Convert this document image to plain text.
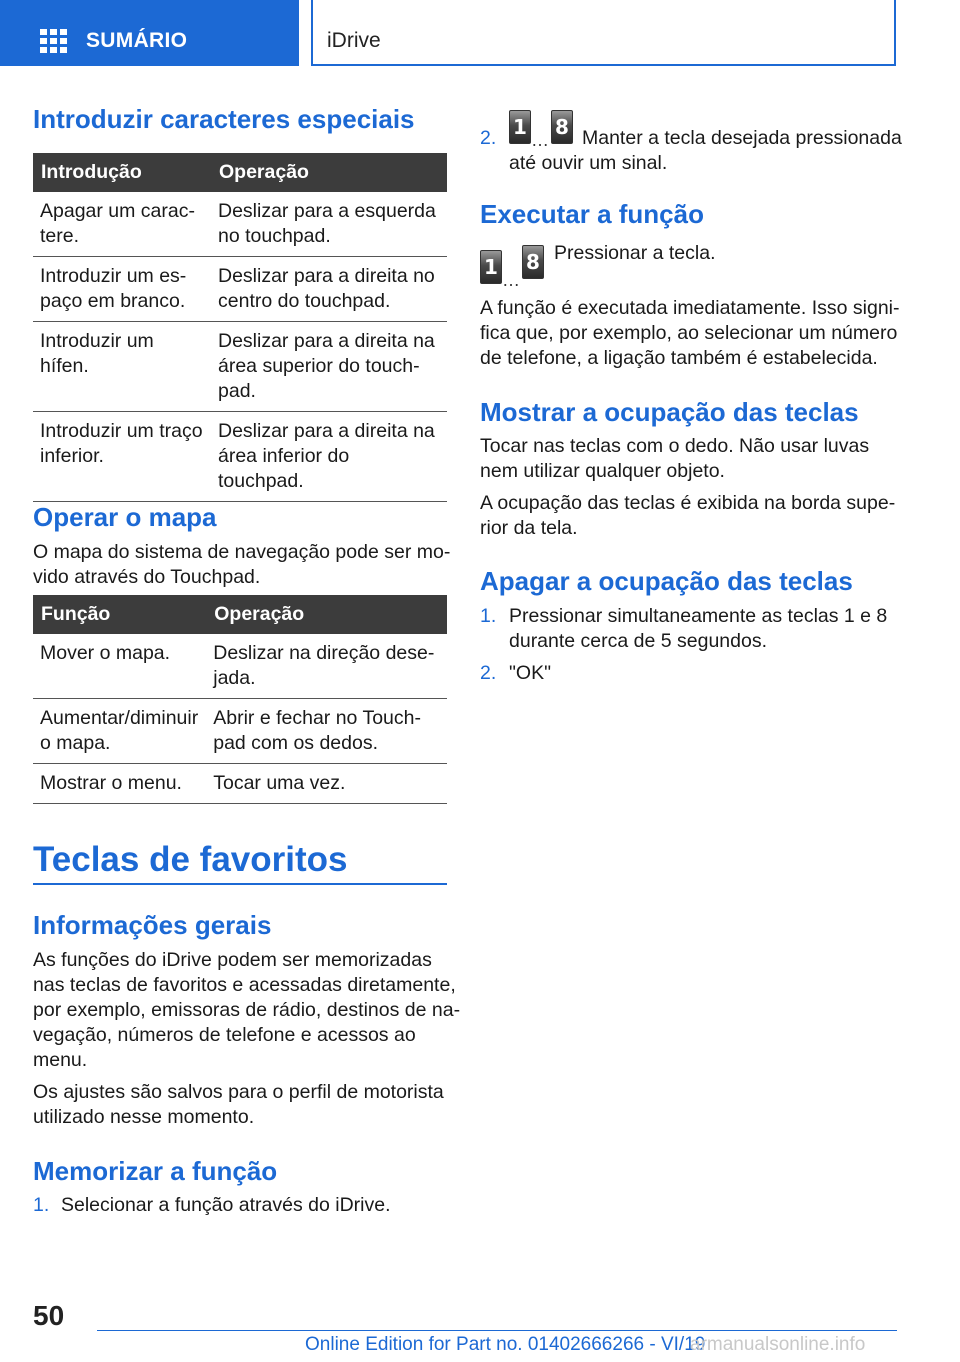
SUMÁRIO	iDrive
Introduzir caracteres especiais
Introdução	Operação
Apagar um carac-
tere.	Deslizar para a esquerda
no touchpad.
Introduzir um es-
paço em branco.	Deslizar para a direita no
centro do touchpad.
Introduzir um hífen.	Deslizar para a direita na
área superior do touch-
pad.
Introduzir um traço
inferior.	Deslizar para a direita na
área inferior do touchpad.
Operar o mapa
O mapa do sistema de navegação pode ser mo-
vido através do Touchpad.
Função	Operação
Mover o mapa.	Deslizar na direção dese-
jada.
Aumentar/diminuir
o mapa.	Abrir e fechar no Touch-
pad com os dedos.
Mostrar o menu.	Tocar uma vez.
Teclas de favoritos
Informações gerais
As funções do iDrive podem ser memorizadas
nas teclas de favoritos e acessadas diretamente,
por exemplo, emissoras de rádio, destinos de na-
vegação, números de telefone e acessos ao
menu.
Os ajustes são salvos para o perfil de motorista
utilizado nesse momento.
Memorizar a função
1. Selecionar a função através do iDrive.
2. 1
…
8 Manter a tecla desejada pressionada
até ouvir um sinal.
Executar a função
1
…
8 Pressionar a tecla.
A função é executada imediatamente. Isso signi-
fica que, por exemplo, ao selecionar um número
de telefone, a ligação também é estabelecida.
Mostrar a ocupação das teclas
Tocar nas teclas com o dedo. Não usar luvas
nem utilizar qualquer objeto.
A ocupação das teclas é exibida na borda supe-
rior da tela.
Apagar a ocupação das teclas
1. Pressionar simultaneamente as teclas 1 e 8
durante cerca de 5 segundos.
2. "OK"
50
Online Edition for Part no. 01402666266 - VI/19
armanualsonline.info
